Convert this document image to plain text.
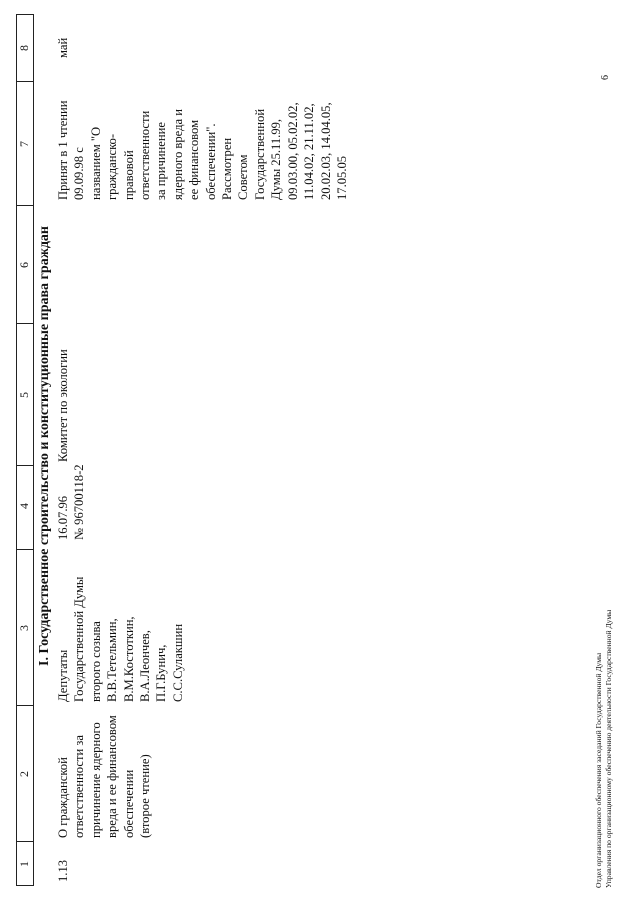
1
2
3
4
5
6
7
8
I. Государственное строительство и конституционные права граждан
1.13
О гражданской ответственности за причинение ядерного вреда и ее финансовом обеспечении (второе чтение)
Депутаты Государственной Думы второго созыва В.В.Тетельмин, В.М.Костоткин, В.А.Леончев, П.Г.Бунич, С.С.Сулакшин
16.07.96 № 96700118-2
Комитет по экологии
Принят в 1 чтении 09.09.98 с названием "О гражданско- правовой ответственности за причинение ядерного вреда и ее финансовом обеспечении". Рассмотрен Советом Государственной Думы 25.11.99, 09.03.00, 05.02.02, 11.04.02, 21.11.02, 20.02.03, 14.04.05, 17.05.05
май
Отдел организационного обеспечения заседаний Государственной Думы Управления по организационному обеспечению деятельности Государственной Думы
6
